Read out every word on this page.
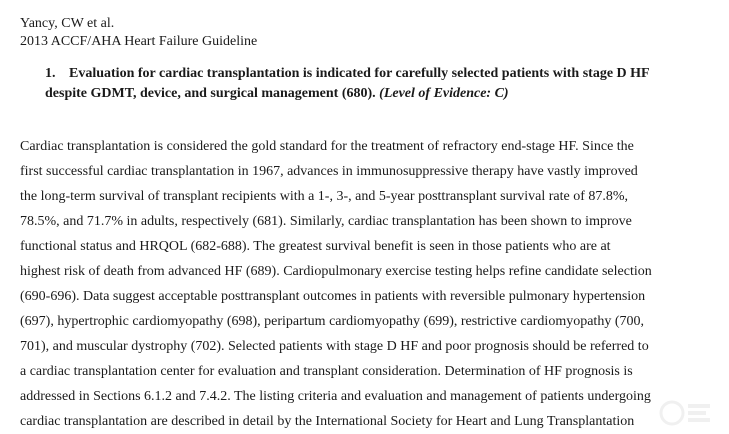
Yancy, CW et al.
2013 ACCF/AHA Heart Failure Guideline
1. Evaluation for cardiac transplantation is indicated for carefully selected patients with stage D HF
despite GDMT, device, and surgical management (680). (Level of Evidence: C)
Cardiac transplantation is considered the gold standard for the treatment of refractory end-stage HF. Since the
first successful cardiac transplantation in 1967, advances in immunosuppressive therapy have vastly improved
the long-term survival of transplant recipients with a 1-, 3-, and 5-year posttransplant survival rate of 87.8%,
78.5%, and 71.7% in adults, respectively (681). Similarly, cardiac transplantation has been shown to improve
functional status and HRQOL (682-688). The greatest survival benefit is seen in those patients who are at
highest risk of death from advanced HF (689). Cardiopulmonary exercise testing helps refine candidate selection
(690-696). Data suggest acceptable posttransplant outcomes in patients with reversible pulmonary hypertension
(697), hypertrophic cardiomyopathy (698), peripartum cardiomyopathy (699), restrictive cardiomyopathy (700,
701), and muscular dystrophy (702). Selected patients with stage D HF and poor prognosis should be referred to
a cardiac transplantation center for evaluation and transplant consideration. Determination of HF prognosis is
addressed in Sections 6.1.2 and 7.4.2. The listing criteria and evaluation and management of patients undergoing
cardiac transplantation are described in detail by the International Society for Heart and Lung Transplantation
